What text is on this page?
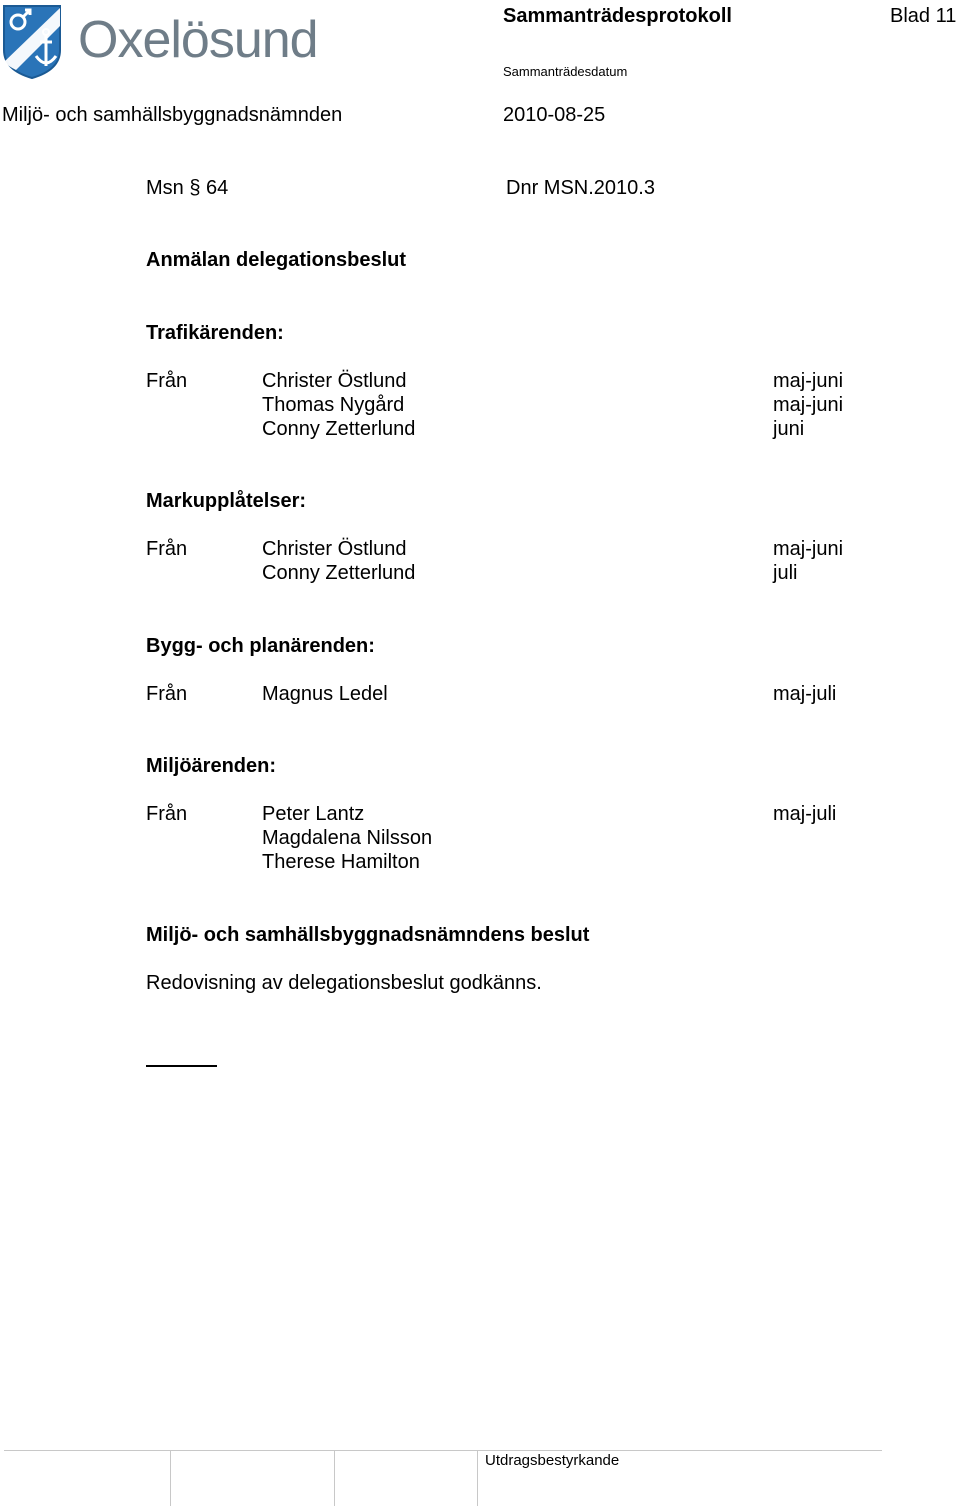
Oxelösund	Sammanträdesprotokoll	Blad 11
Sammanträdesdatum
Miljö- och samhällsbyggnadsnämnden	2010-08-25
Msn § 64	Dnr MSN.2010.3
Anmälan delegationsbeslut
Trafikärenden:
Från	Christer Östlund	maj-juni
Thomas Nygård	maj-juni
Conny Zetterlund	juni
Markupplåtelser:
Från	Christer Östlund	maj-juni
Conny Zetterlund	juli
Bygg- och planärenden:
Från	Magnus Ledel	maj-juli
Miljöärenden:
Från	Peter Lantz	maj-juli
Magdalena Nilsson
Therese Hamilton
Miljö- och samhällsbyggnadsnämndens beslut
Redovisning av delegationsbeslut godkänns.
Utdragsbestyrkande
